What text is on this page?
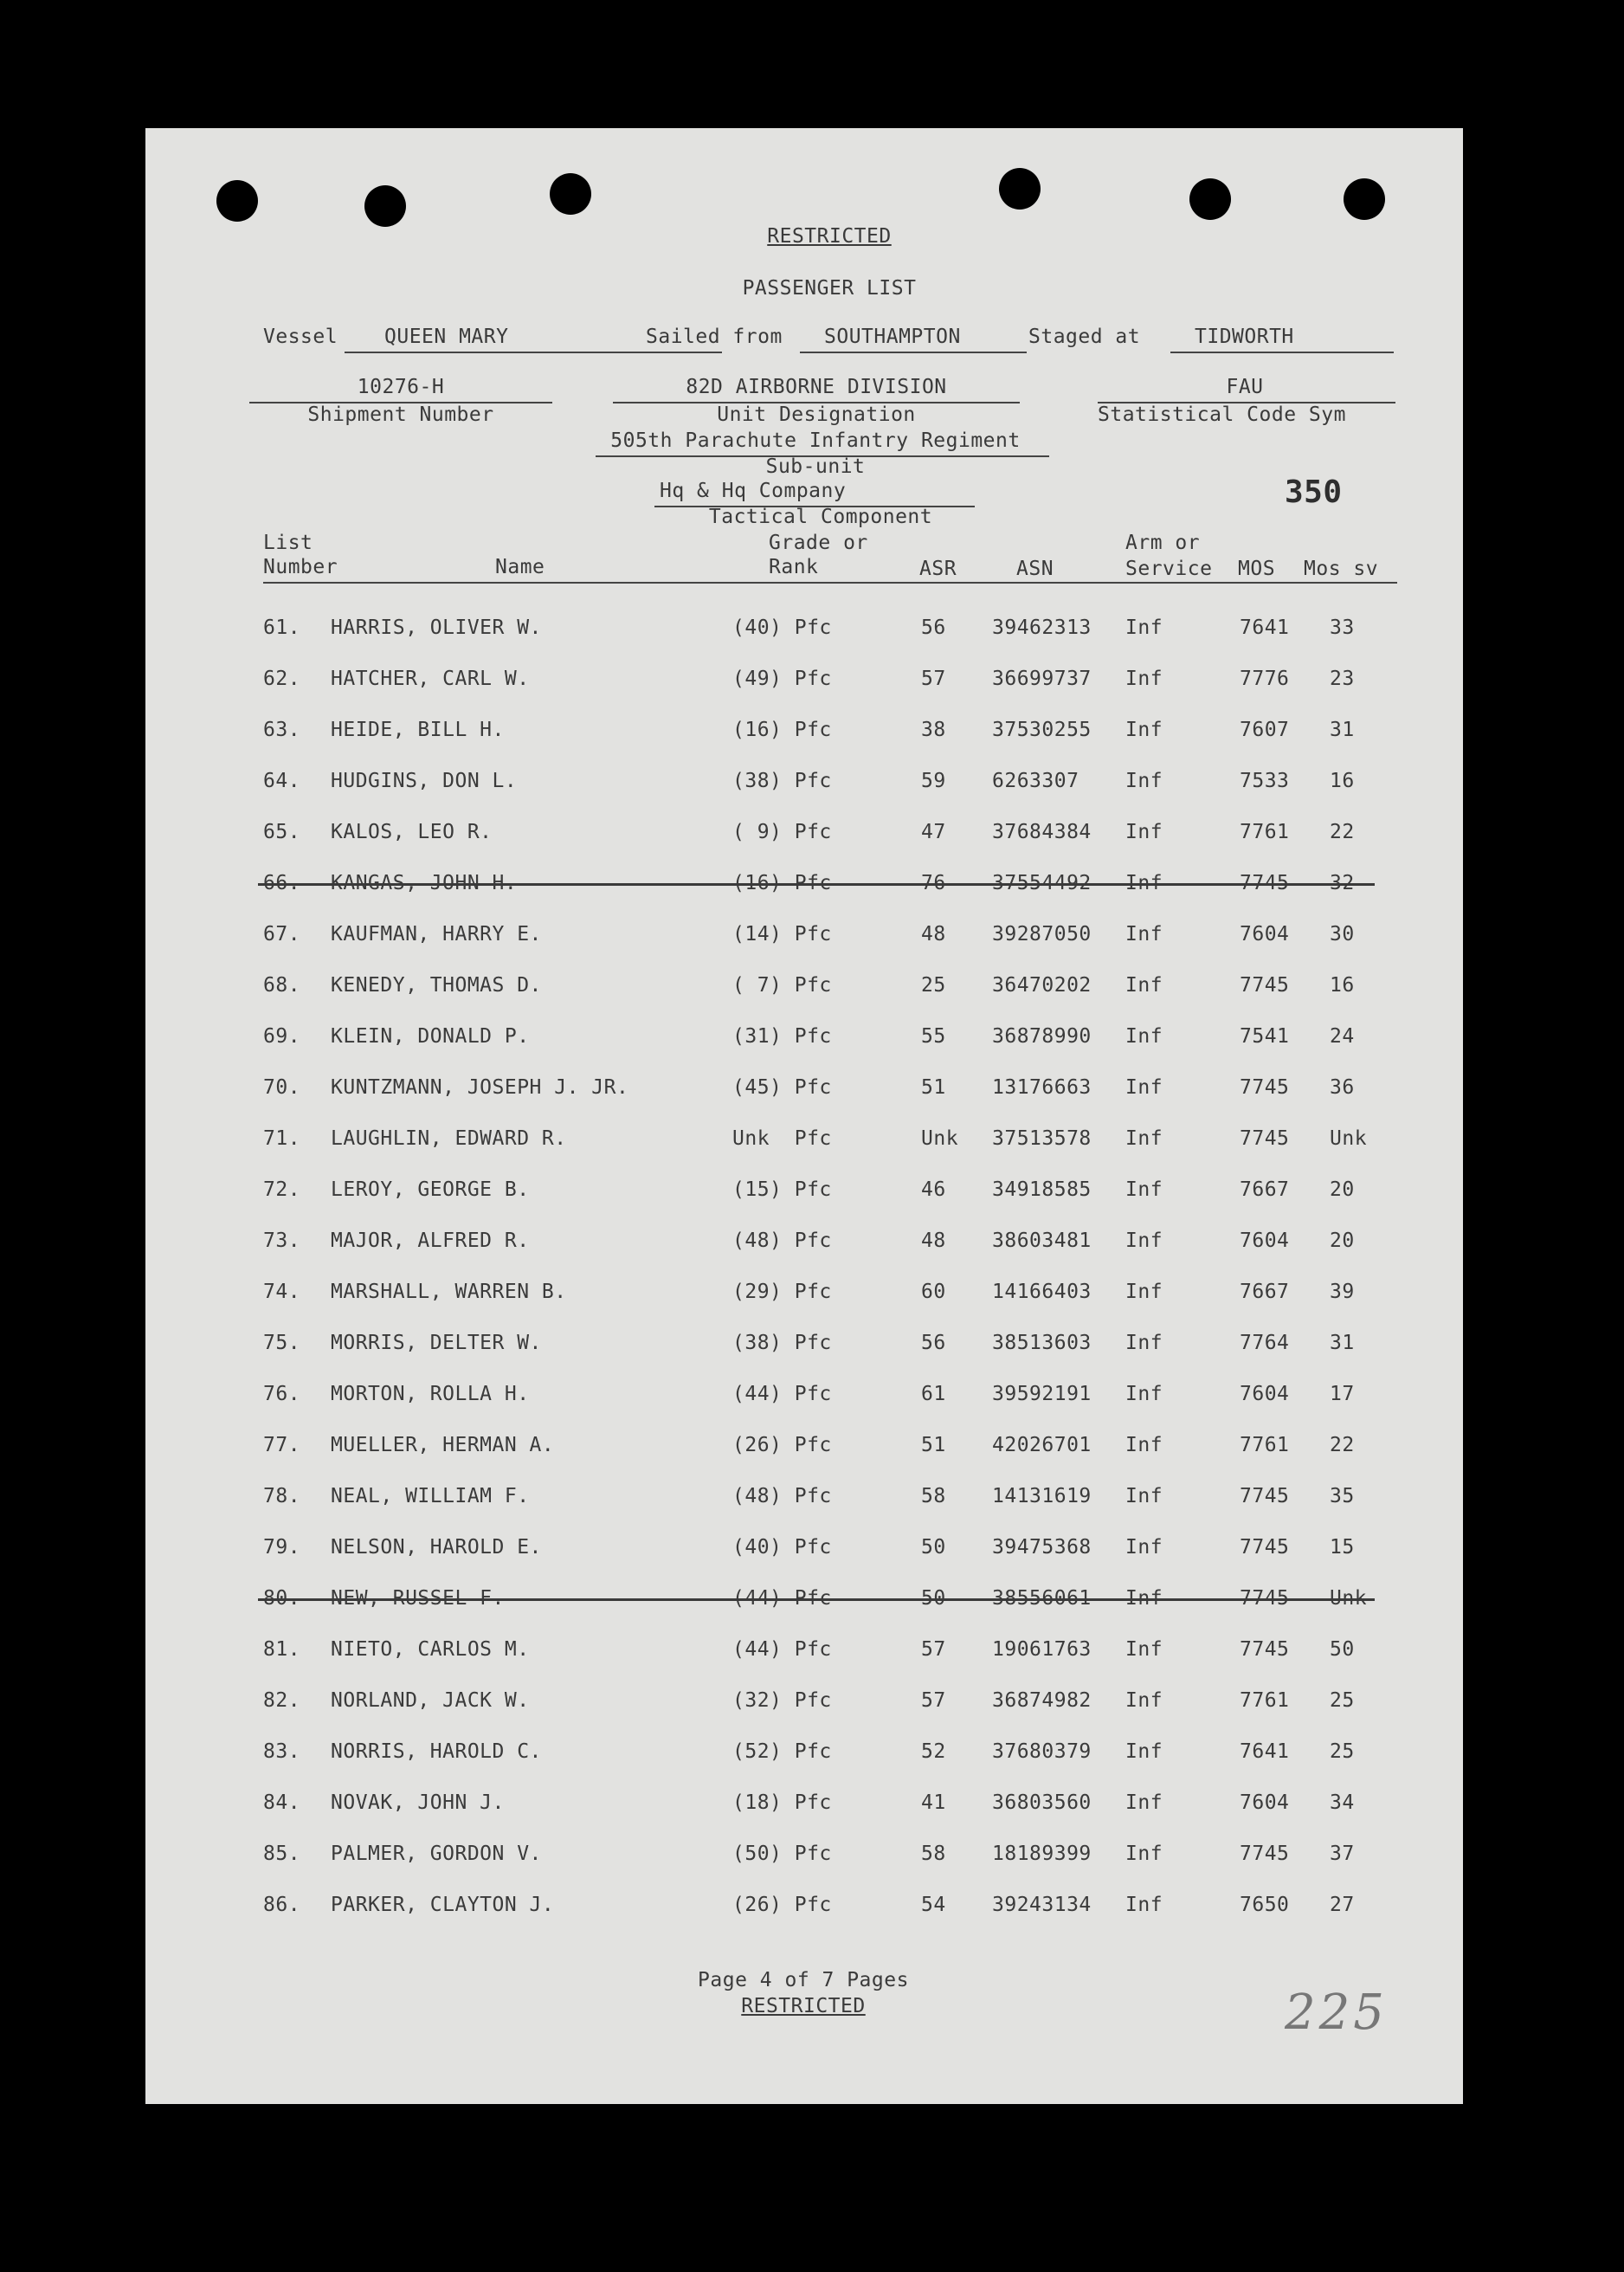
RESTRICTED
PASSENGER LIST
Vessel QUEEN MARY	Sailed from SOUTHAMPTON	Staged at	TIDWORTH
10276-H
Shipment Number
82D AIRBORNE DIVISION
Unit Designation
505th Parachute Infantry Regiment
Sub-unit
Hq & Hq Company
Tactical Component
FAU
Statistical Code Sym
350
List
Number	Name
Grade or
Rank	ASR	ASN
Arm or
Service MOS Mos sv
61. HARRIS, OLIVER W.	(40) Pfc	56 39462313 Inf	7641 33
62. HATCHER, CARL W.	(49) Pfc	57 36699737 Inf	7776 23
63. HEIDE, BILL H.	(16) Pfc	38 37530255 Inf	7607 31
64. HUDGINS, DON L.	(38) Pfc	59 6263307 Inf	7533 16
65. KALOS, LEO R.	( 9) Pfc	47 37684384 Inf	7761 22
66. KANGAS, JOHN H.	(16) Pfc	76 37554492 Inf	7745 32
67. KAUFMAN, HARRY E.	(14) Pfc	48 39287050 Inf	7604 30
68. KENEDY, THOMAS D.	( 7) Pfc	25 36470202 Inf	7745 16
69. KLEIN, DONALD P.	(31) Pfc	55 36878990 Inf	7541 24
70. KUNTZMANN, JOSEPH J. JR.	(45) Pfc	51 13176663 Inf	7745 36
71. LAUGHLIN, EDWARD R.	Unk  Pfc	Unk 37513578 Inf	7745 Unk
72. LEROY, GEORGE B.	(15) Pfc	46 34918585 Inf	7667 20
73. MAJOR, ALFRED R.	(48) Pfc	48 38603481 Inf	7604 20
74. MARSHALL, WARREN B.	(29) Pfc	60 14166403 Inf	7667 39
75. MORRIS, DELTER W.	(38) Pfc	56 38513603 Inf	7764 31
76. MORTON, ROLLA H.	(44) Pfc	61 39592191 Inf	7604 17
77. MUELLER, HERMAN A.	(26) Pfc	51 42026701 Inf	7761 22
78. NEAL, WILLIAM F.	(48) Pfc	58 14131619 Inf	7745 35
79. NELSON, HAROLD E.	(40) Pfc	50 39475368 Inf	7745 15
80. NEW, RUSSEL F.	(44) Pfc	50 38556061 Inf	7745 Unk
81. NIETO, CARLOS M.	(44) Pfc	57 19061763 Inf	7745 50
82. NORLAND, JACK W.	(32) Pfc	57 36874982 Inf	7761 25
83. NORRIS, HAROLD C.	(52) Pfc	52 37680379 Inf	7641 25
84. NOVAK, JOHN J.	(18) Pfc	41 36803560 Inf	7604 34
85. PALMER, GORDON V.	(50) Pfc	58 18189399 Inf	7745 37
86. PARKER, CLAYTON J.	(26) Pfc	54 39243134 Inf	7650 27
Page 4 of 7 Pages
RESTRICTED	225
